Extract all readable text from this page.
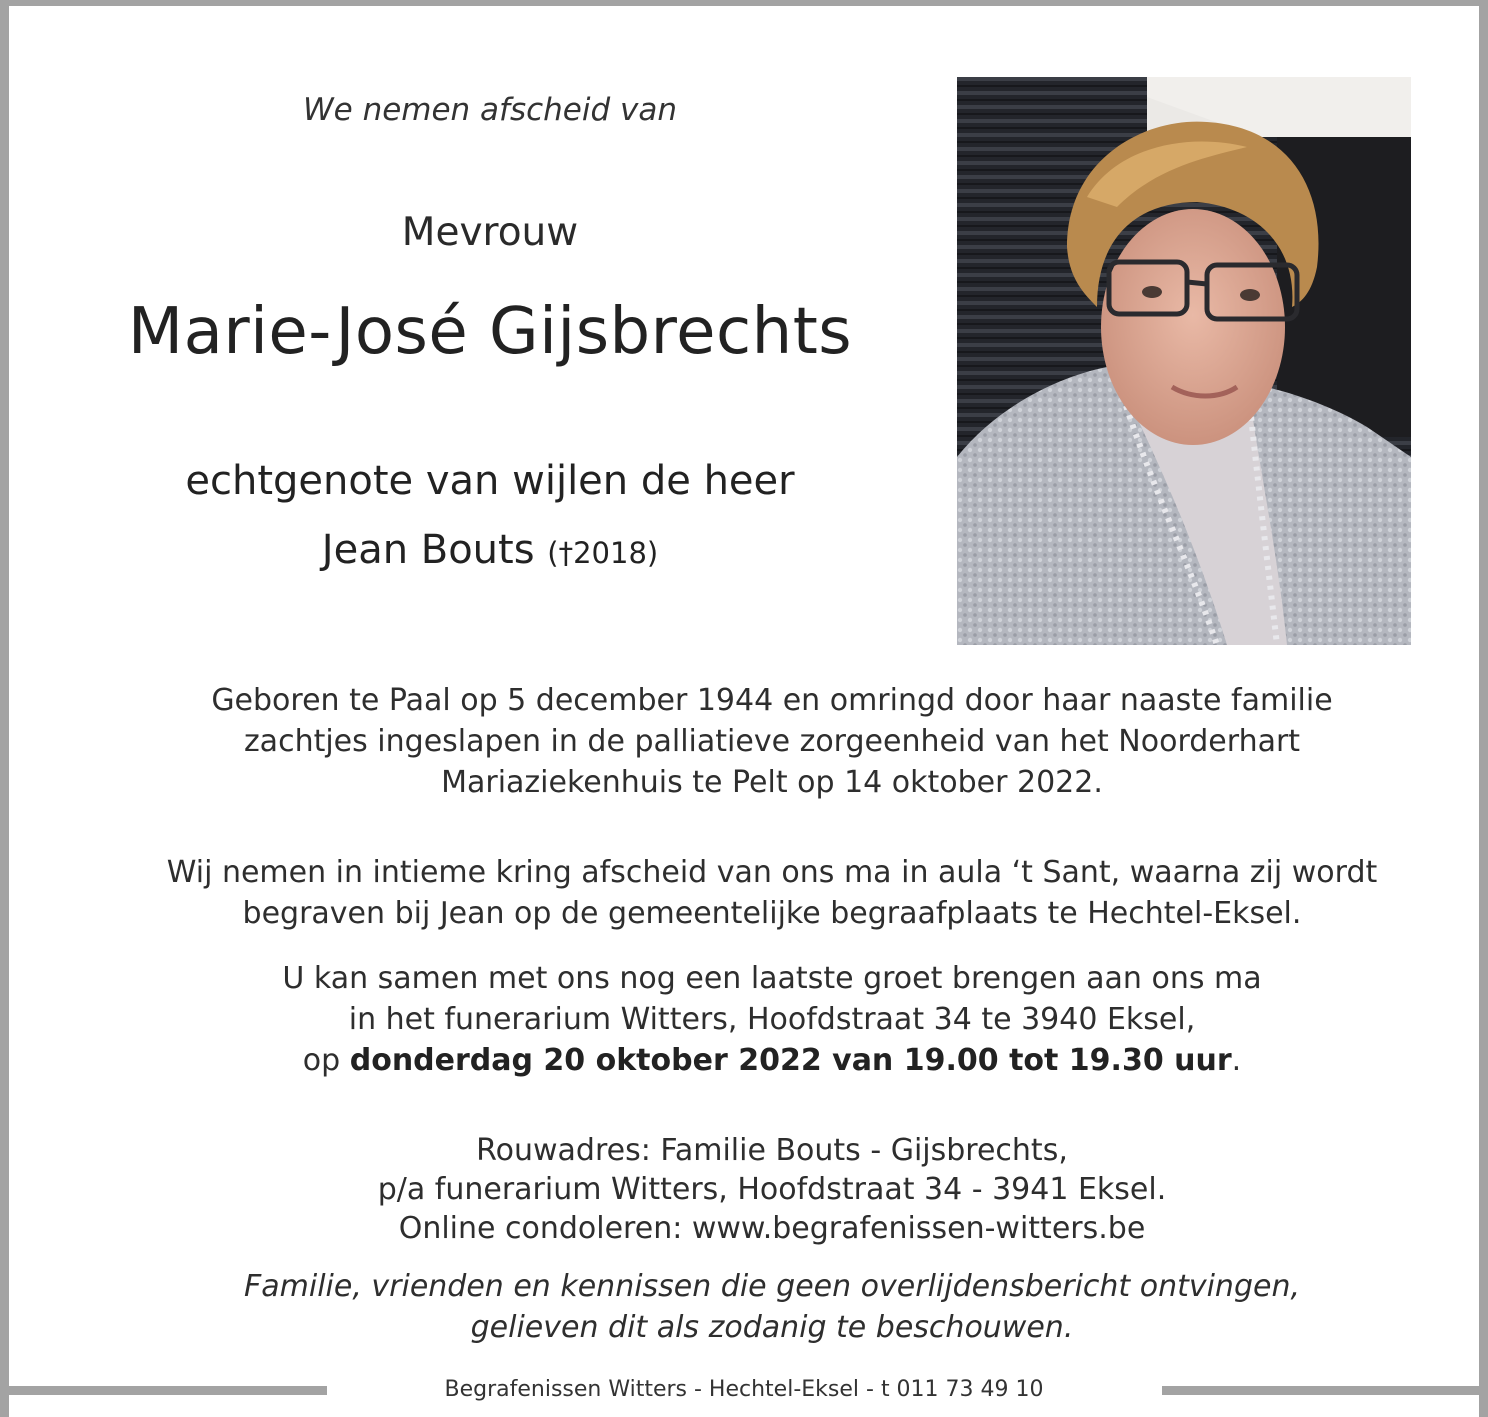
We nemen afscheid van
Mevrouw
Marie-José Gijsbrechts
echtgenote van wijlen de heer
Jean Bouts (†2018)
Geboren te Paal op 5 december 1944 en omringd door haar naaste familie
zachtjes ingeslapen in de palliatieve zorgeenheid van het Noorderhart
Mariaziekenhuis te Pelt op 14 oktober 2022.
Wij nemen in intieme kring afscheid van ons ma in aula ‘t Sant, waarna zij wordt
begraven bij Jean op de gemeentelijke begraafplaats te Hechtel-Eksel.
U kan samen met ons nog een laatste groet brengen aan ons ma
in het funerarium Witters, Hoofdstraat 34 te 3940 Eksel,
op donderdag 20 oktober 2022 van 19.00 tot 19.30 uur.
Rouwadres: Familie Bouts - Gijsbrechts,
p/a funerarium Witters, Hoofdstraat 34 - 3941 Eksel.
Online condoleren: www.begrafenissen-witters.be
Familie, vrienden en kennissen die geen overlijdensbericht ontvingen,
gelieven dit als zodanig te beschouwen.
Begrafenissen Witters - Hechtel-Eksel - t 011 73 49 10
